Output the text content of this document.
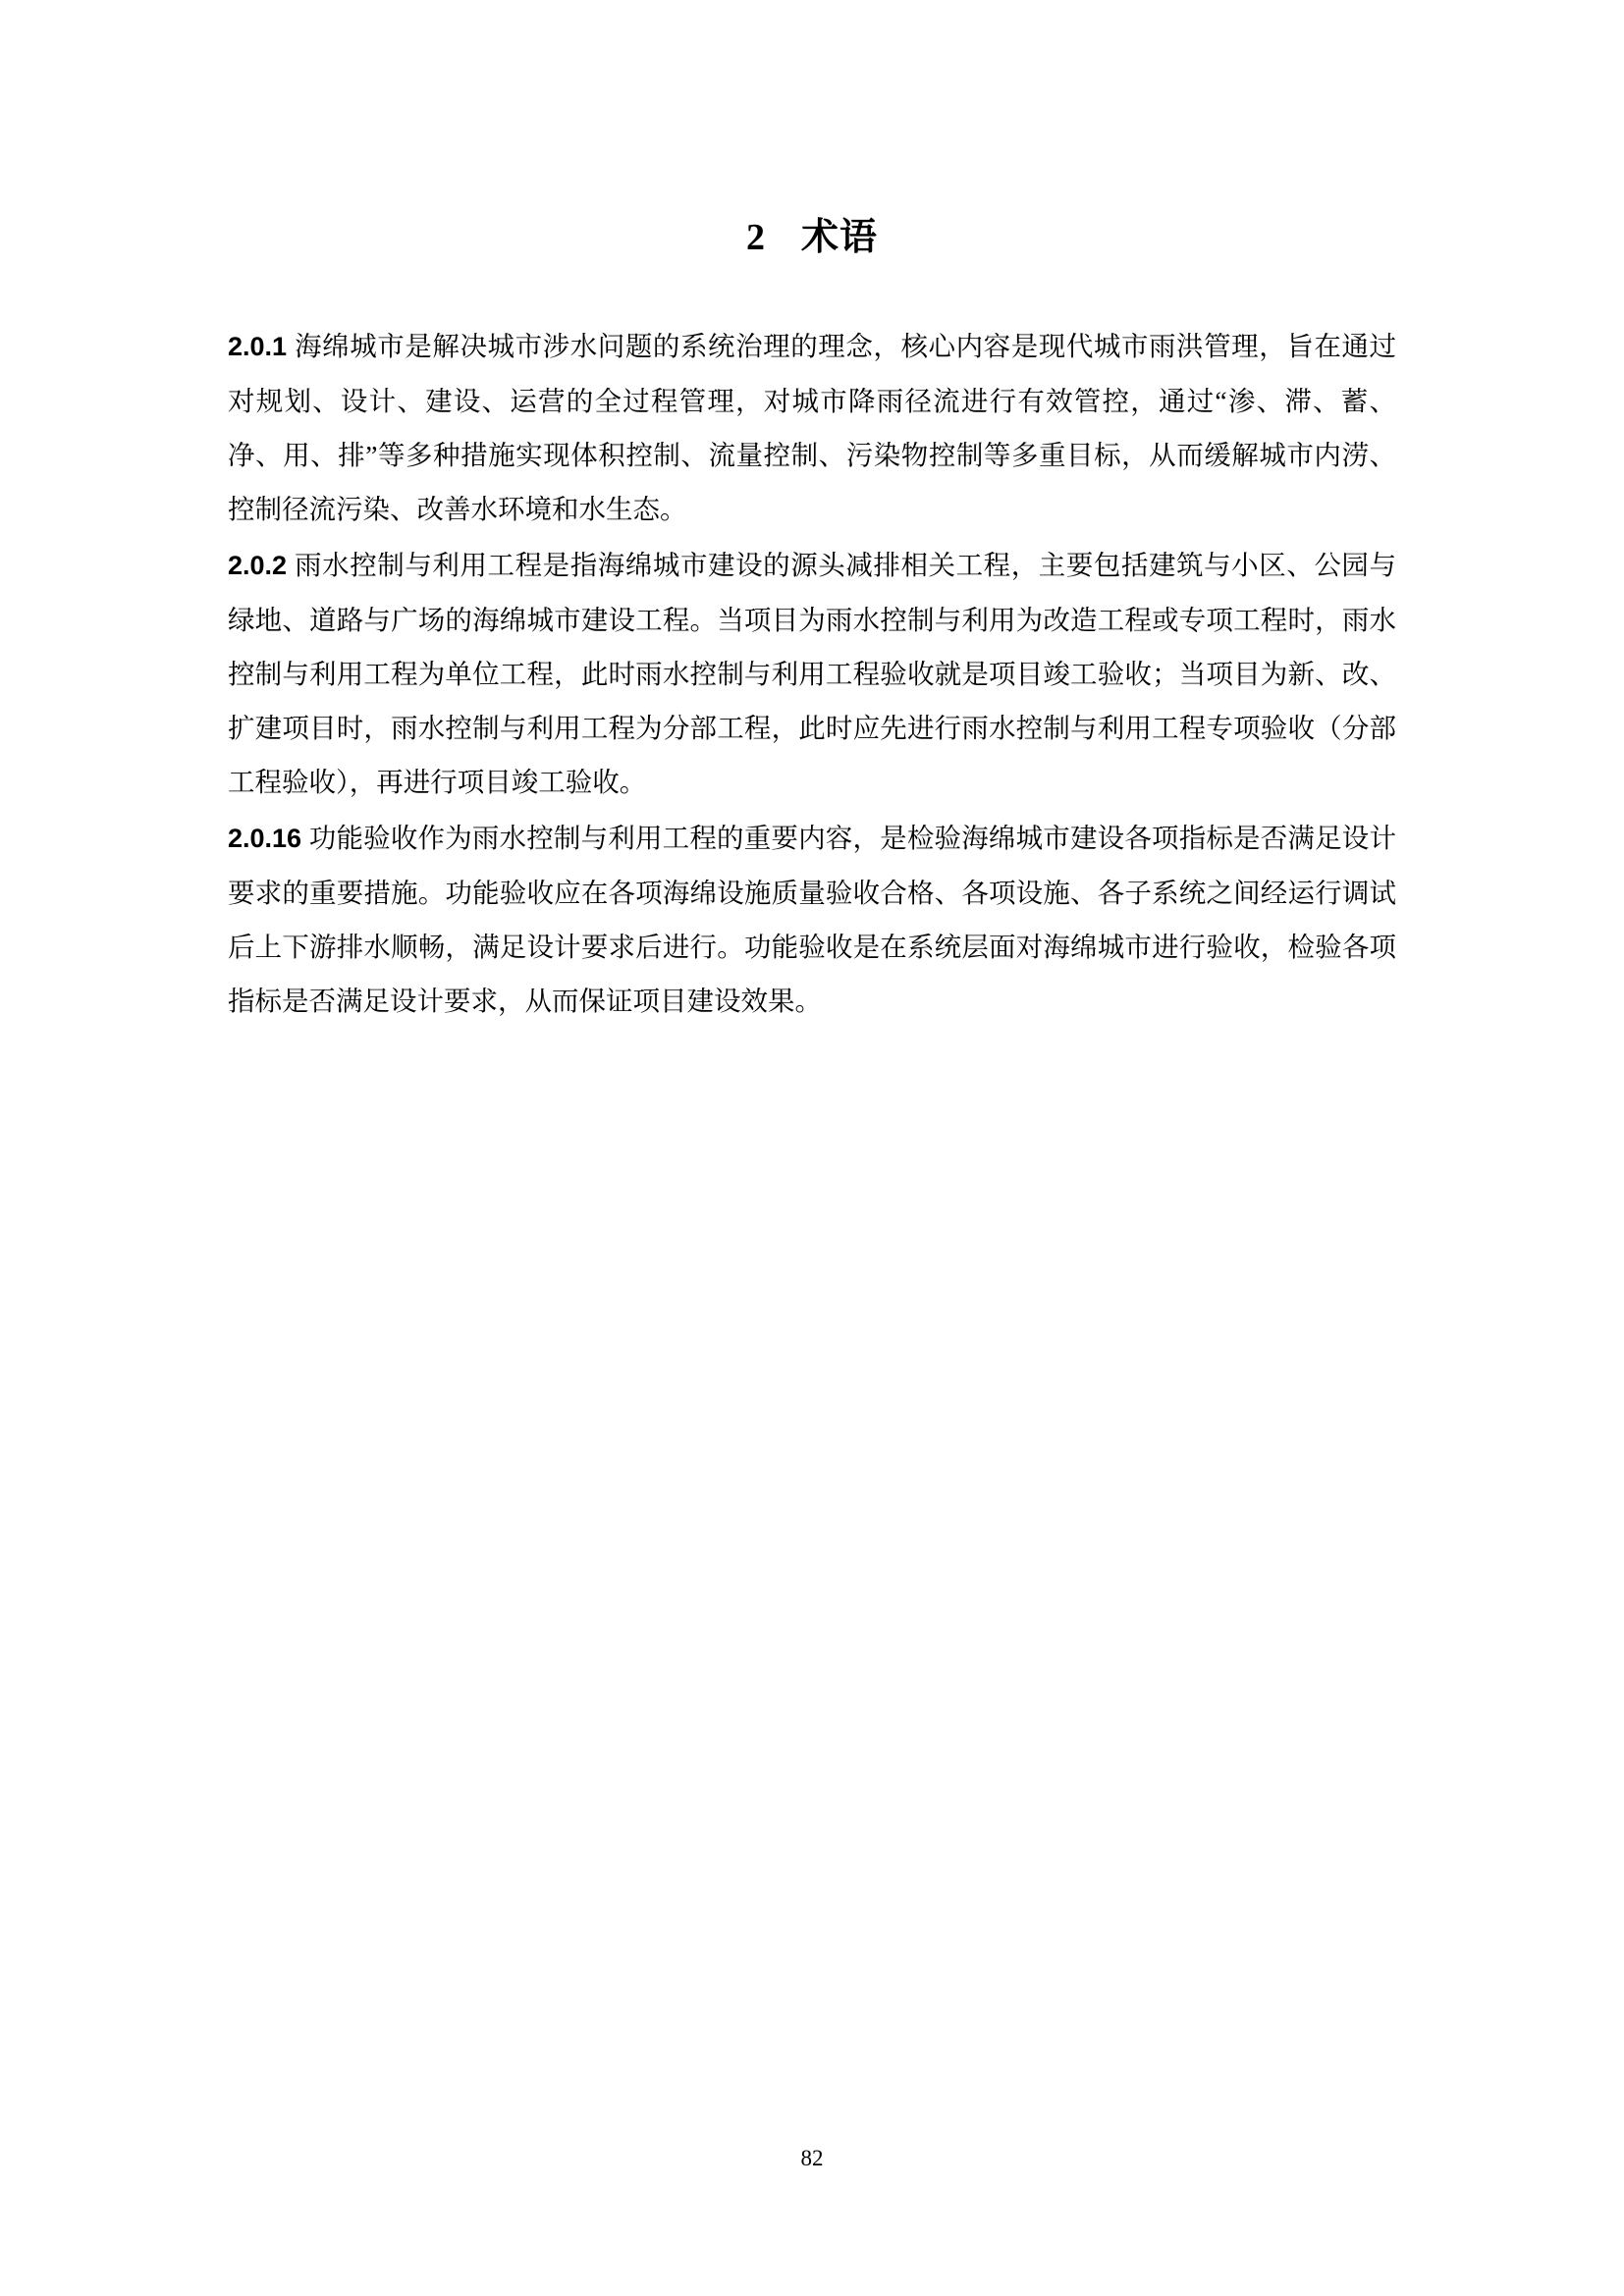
2 术语

2.0.1 海绵城市是解决城市涉水问题的系统治理的理念，核心内容是现代城市雨洪管理，旨在通过对规划、设计、建设、运营的全过程管理，对城市降雨径流进行有效管控，通过“渗、滞、蓄、净、用、排”等多种措施实现体积控制、流量控制、污染物控制等多重目标，从而缓解城市内涝、控制径流污染、改善水环境和水生态。

2.0.2 雨水控制与利用工程是指海绵城市建设的源头减排相关工程，主要包括建筑与小区、公园与绿地、道路与广场的海绵城市建设工程。当项目为雨水控制与利用为改造工程或专项工程时，雨水控制与利用工程为单位工程，此时雨水控制与利用工程验收就是项目竣工验收；当项目为新、改、扩建项目时，雨水控制与利用工程为分部工程，此时应先进行雨水控制与利用工程专项验收（分部工程验收），再进行项目竣工验收。

2.0.16 功能验收作为雨水控制与利用工程的重要内容，是检验海绵城市建设各项指标是否满足设计要求的重要措施。功能验收应在各项海绵设施质量验收合格、各项设施、各子系统之间经运行调试后上下游排水顺畅，满足设计要求后进行。功能验收是在系统层面对海绵城市进行验收，检验各项指标是否满足设计要求，从而保证项目建设效果。

82
